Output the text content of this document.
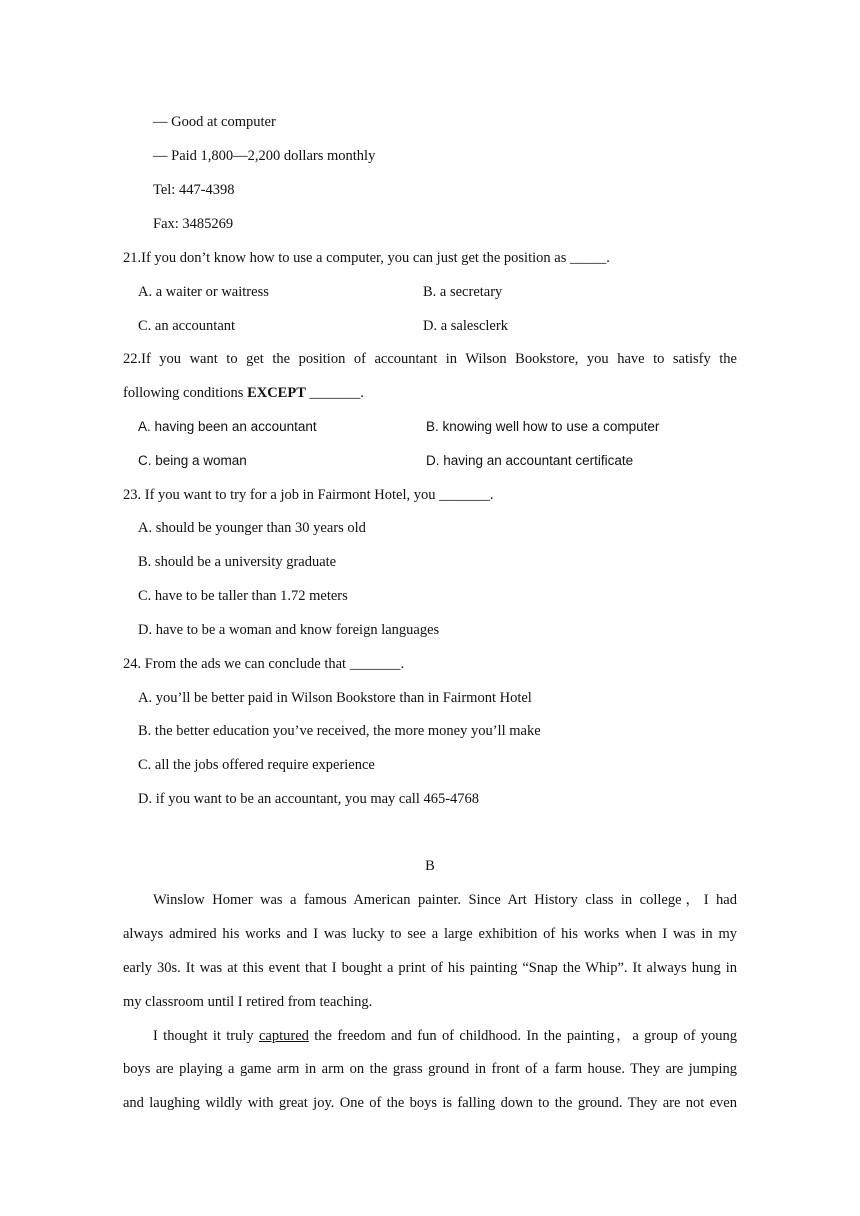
— Good at computer
— Paid 1,800—2,200 dollars monthly
Tel: 447-4398
Fax: 3485269
21.If you don’t know how to use a computer, you can just get the position as _____.
A. a waiter or waitress	B. a secretary
C. an accountant	D. a salesclerk
22.If you want to get the position of accountant in Wilson Bookstore, you have to satisfy the
following conditions EXCEPT _______.
A. having been an accountant	B. knowing well how to use a computer
C. being a woman	D. having an accountant certificate
23. If you want to try for a job in Fairmont Hotel, you _______.
A. should be younger than 30 years old
B. should be a university graduate
C. have to be taller than 1.72 meters
D. have to be a woman and know foreign languages
24. From the ads we can conclude that _______.
A. you’ll be better paid in Wilson Bookstore than in Fairmont Hotel
B. the better education you’ve received, the more money you’ll make
C. all the jobs offered require experience
D. if you want to be an accountant, you may call 465-4768
B
Winslow Homer was a famous American painter. Since Art History class in college，I had
always admired his works and I was lucky to see a large exhibition of his works when I was in my
early 30s. It was at this event that I bought a print of his painting “Snap the Whip”. It always hung in
my classroom until I retired from teaching.
I thought it truly captured the freedom and fun of childhood. In the painting，a group of young
boys are playing a game arm in arm on the grass ground in front of a farm house. They are jumping
and laughing wildly with great joy. One of the boys is falling down to the ground. They are not even
